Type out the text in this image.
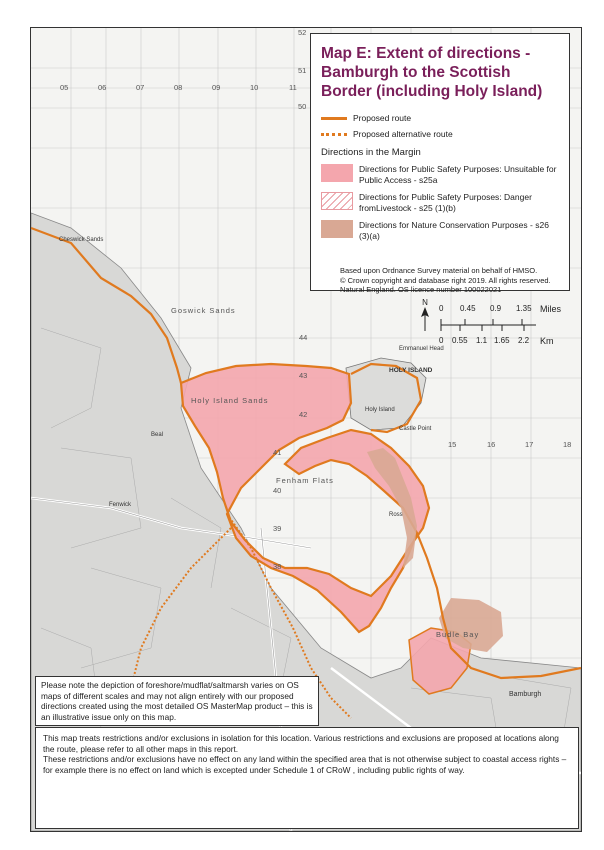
05	06	07	08	09	10	11
52
51
50
15	16	17	18
44
43
42
41
40
39
38
Holy Island Sands
Fenham Flats
Goswick Sands
Budle Bay
HOLY ISLAND
Holy Island
Bamburgh
Beal
Fenwick
Castle Point
Emmanuel Head
Cheswick Sands
Ross
Map E: Extent of directions - Bamburgh to the Scottish Border (including Holy Island)
Proposed route
Proposed alternative route
Directions in the Margin
Directions for Public Safety Purposes: Unsuitable for Public Access - s25a
Directions for Public Safety Purposes: Danger fromLivestock - s25 (1)(b)
Directions for Nature Conservation Purposes - s26 (3)(a)
Based upon Ordnance Survey material on behalf of HMSO.
© Crown copyright and database right 2019. All rights reserved.
Natural England. OS licence number 100022021
N
0 0.45 0.9 1.35 Miles
0 0.55 1.1 1.65 2.2 Km
Please note the depiction of foreshore/mudflat/saltmarsh varies on OS maps of different scales and may not align entirely with our proposed directions created using the most detailed OS MasterMap product – this is an illustrative issue only on this map.
This map treats restrictions and/or exclusions in isolation for this location. Various restrictions and exclusions are proposed at locations along the route, please refer to all other maps in this report.
These restrictions and/or exclusions have no effect on any land within the specified area that is not otherwise subject to coastal access rights – for example there is no effect on land which is excepted under Schedule 1 of CRoW , including public rights of way.
